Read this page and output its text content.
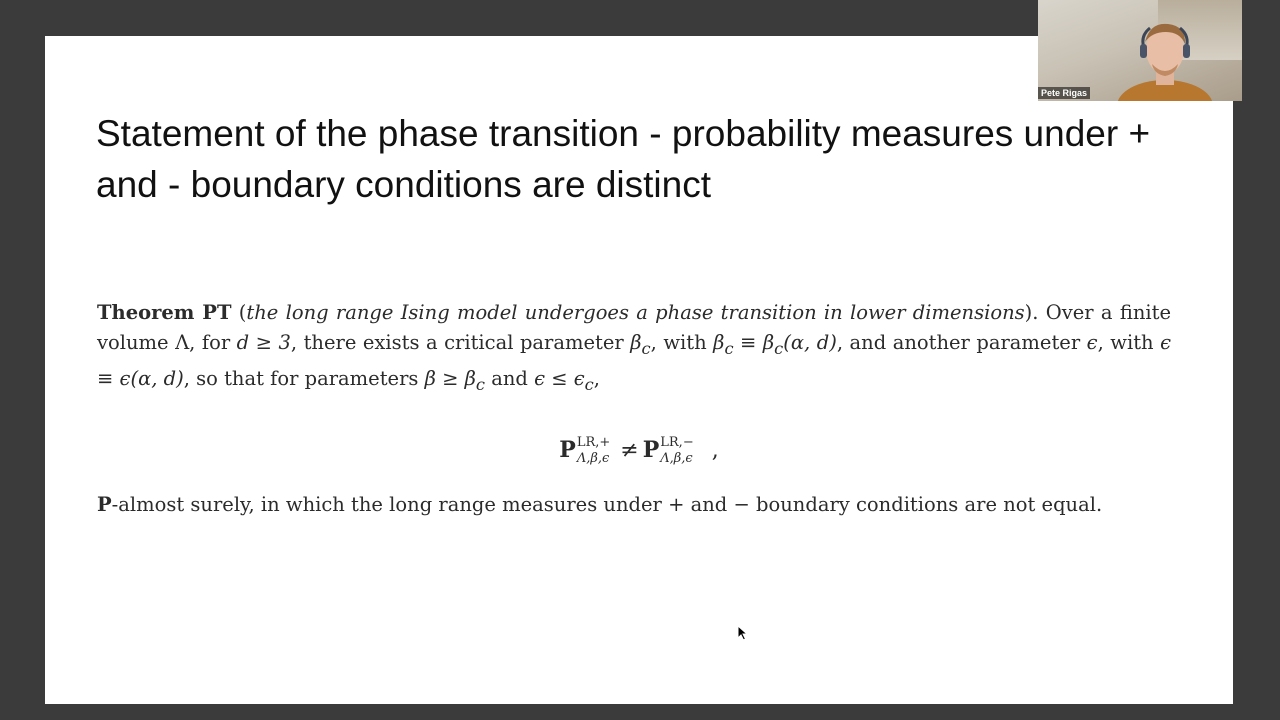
Statement of the phase transition - probability measures under + and - boundary conditions are distinct

Theorem PT (the long range Ising model undergoes a phase transition in lower dimensions). Over a finite volume Λ, for d ≥ 3, there exists a critical parameter $\beta_c$, with $\beta_c \equiv \beta_c(\alpha$, d), and another parameter ϵ, with ϵ ≡ ϵ(α, d), so that for parameters $\beta \ge \beta_c$ and $\epsilon \le \epsilon_c$,

P LR,+
Λ,β,ϵ ≠ P LR,−
Λ,β,ϵ ,

P-almost surely, in which the long range measures under + and − boundary conditions are not equal.

Pete Rigas
